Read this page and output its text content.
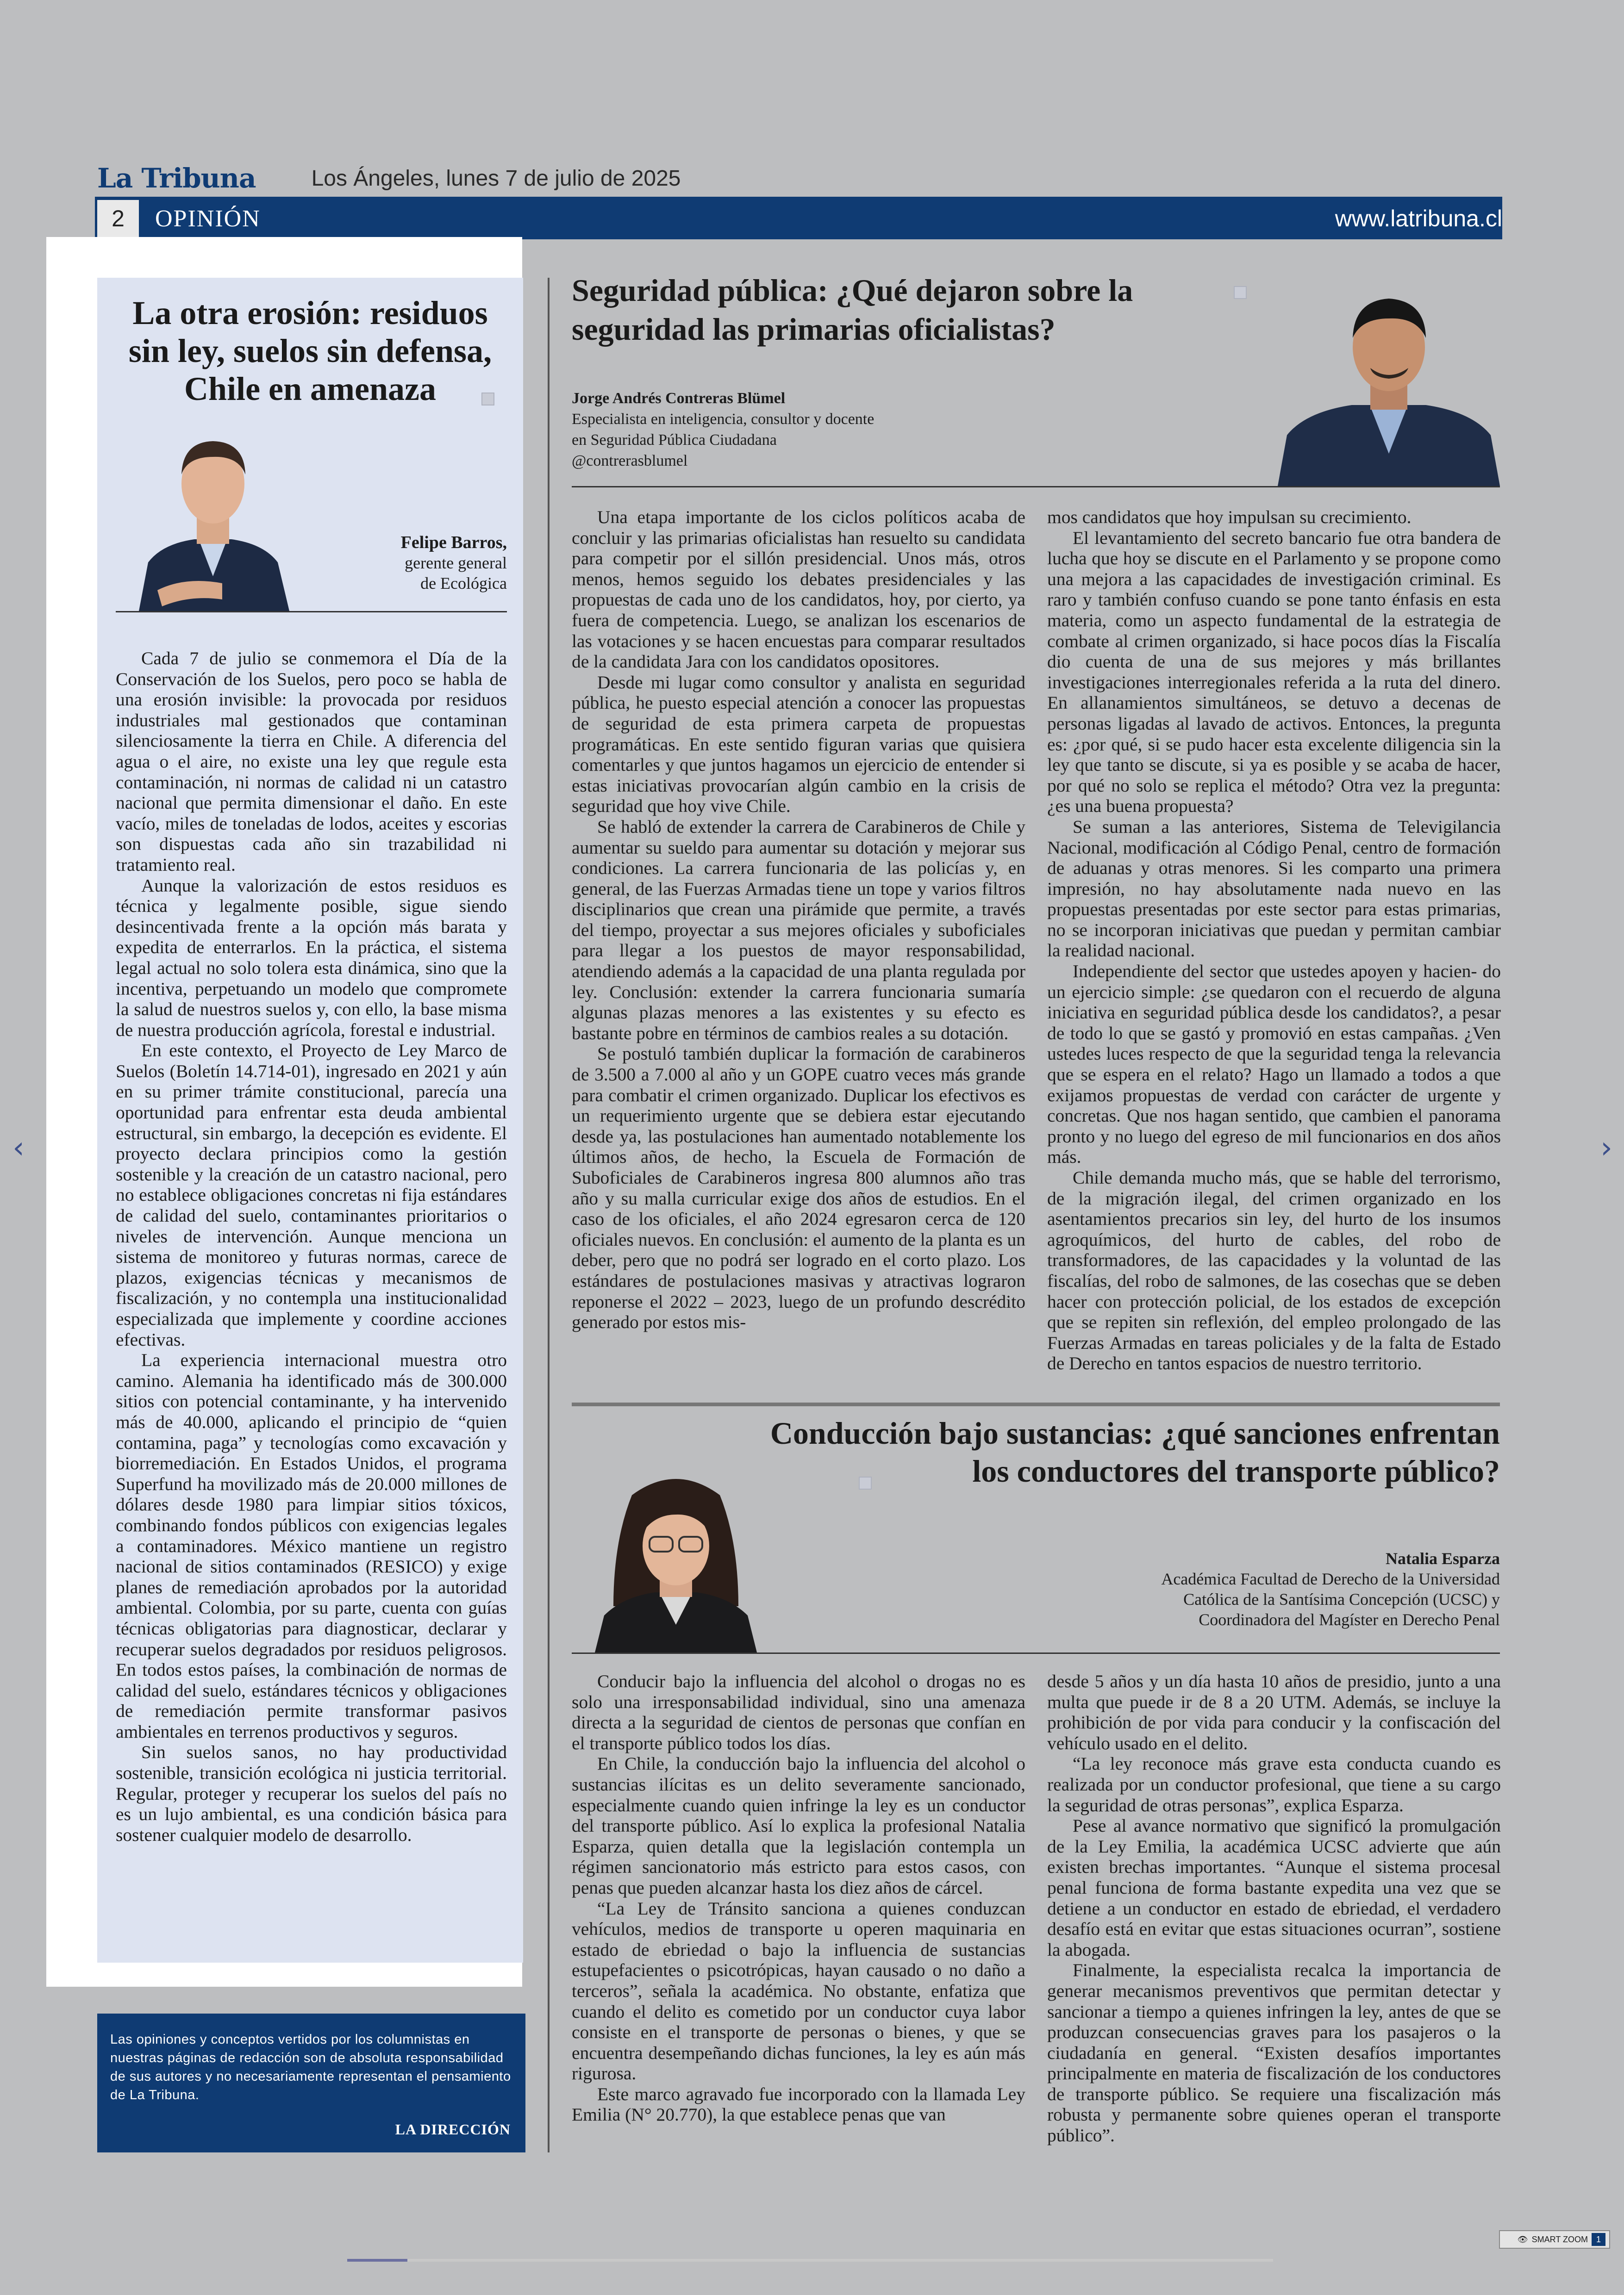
La Tribuna	Los Ángeles, lunes 7 de julio de 2025
2	OPINIÓN	www.latribuna.cl
La otra erosión: residuos sin ley, suelos sin defensa, Chile en amenaza
Felipe Barros,
gerente general
de Ecológica

Cada 7 de julio se conmemora el Día de la Conservación de los Suelos, pero poco se habla de una erosión invisible: la provocada por residuos industriales mal gestionados que contaminan silenciosamente la tierra en Chile. A diferencia del agua o el aire, no existe una ley que regule esta contaminación, ni normas de calidad ni un catastro nacional que permita dimensionar el daño. En este vacío, miles de toneladas de lodos, aceites y escorias son dispuestas cada año sin trazabilidad ni tratamiento real.

Aunque la valorización de estos residuos es técnica y legalmente posible, sigue siendo desincentivada frente a la opción más barata y expedita de enterrarlos. En la práctica, el sistema legal actual no solo tolera esta dinámica, sino que la incentiva, perpetuando un modelo que compromete la salud de nuestros suelos y, con ello, la base misma de nuestra producción agrícola, forestal e industrial.

En este contexto, el Proyecto de Ley Marco de Suelos (Boletín 14.714-01), ingresado en 2021 y aún en su primer trámite constitucional, parecía una oportunidad para enfrentar esta deuda ambiental estructural, sin embargo, la decepción es evidente. El proyecto declara principios como la gestión sostenible y la creación de un catastro nacional, pero no establece obligaciones concretas ni fija estándares de calidad del suelo, contaminantes prioritarios o niveles de intervención. Aunque menciona un sistema de monitoreo y futuras normas, carece de plazos, exigencias técnicas y mecanismos de fiscalización, y no contempla una institucionalidad especializada que implemente y coordine acciones efectivas.

La experiencia internacional muestra otro camino. Alemania ha identificado más de 300.000 sitios con potencial contaminante, y ha intervenido más de 40.000, aplicando el principio de “quien contamina, paga” y tecnologías como excavación y biorremediación. En Estados Unidos, el programa Superfund ha movilizado más de 20.000 millones de dólares desde 1980 para limpiar sitios tóxicos, combinando fondos públicos con exigencias legales a contaminadores. México mantiene un registro nacional de sitios contaminados (RESICO) y exige planes de remediación aprobados por la autoridad ambiental. Colombia, por su parte, cuenta con guías técnicas obligatorias para diagnosticar, declarar y recuperar suelos degradados por residuos peligrosos. En todos estos países, la combinación de normas de calidad del suelo, estándares técnicos y obligaciones de remediación permite transformar pasivos ambientales en terrenos productivos y seguros.

Sin suelos sanos, no hay productividad sostenible, transición ecológica ni justicia territorial. Regular, proteger y recuperar los suelos del país no es un lujo ambiental, es una condición básica para sostener cualquier modelo de desarrollo.

Las opiniones y conceptos vertidos por los columnistas en nuestras páginas de redacción son de absoluta responsabilidad de sus autores y no necesariamente representan el pensamiento de La Tribuna.
LA DIRECCIÓN
Seguridad pública: ¿Qué dejaron sobre la
seguridad las primarias oficialistas?
Jorge Andrés Contreras Blümel
Especialista en inteligencia, consultor y docente
en Seguridad Pública Ciudadana
@contrerasblumel

Una etapa importante de los ciclos políticos acaba de concluir y las primarias oficialistas han resuelto su candidata para competir por el sillón presidencial. Unos más, otros menos, hemos seguido los debates presidenciales y las propuestas de cada uno de los candidatos, hoy, por cierto, ya fuera de competencia. Luego, se analizan los escenarios de las votaciones y se hacen encuestas para comparar resultados de la candidata Jara con los candidatos opositores.

Desde mi lugar como consultor y analista en seguridad pública, he puesto especial atención a conocer las propuestas de seguridad de esta primera carpeta de propuestas programáticas. En este sentido figuran varias que quisiera comentarles y que juntos hagamos un ejercicio de entender si estas iniciativas provocarían algún cambio en la crisis de seguridad que hoy vive Chile.

Se habló de extender la carrera de Carabineros de Chile y aumentar su sueldo para aumentar su dotación y mejorar sus condiciones. La carrera funcionaria de las policías y, en general, de las Fuerzas Armadas tiene un tope y varios filtros disciplinarios que crean una pirámide que permite, a través del tiempo, proyectar a sus mejores oficiales y suboficiales para llegar a los puestos de mayor responsabilidad, atendiendo además a la capacidad de una planta regulada por ley. Conclusión: extender la carrera funcionaria sumaría algunas plazas menores a las existentes y su efecto es bastante pobre en términos de cambios reales a su dotación.

Se postuló también duplicar la formación de carabineros de 3.500 a 7.000 al año y un GOPE cuatro veces más grande para combatir el crimen organizado. Duplicar los efectivos es un requerimiento urgente que se debiera estar ejecutando desde ya, las postulaciones han aumentado notablemente los últimos años, de hecho, la Escuela de Formación de Suboficiales de Carabineros ingresa 800 alumnos año tras año y su malla curricular exige dos años de estudios. En el caso de los oficiales, el año 2024 egresaron cerca de 120 oficiales nuevos. En conclusión: el aumento de la planta es un deber, pero que no podrá ser logrado en el corto plazo. Los estándares de postulaciones masivas y atractivas lograron reponerse el 2022 – 2023, luego de un profundo descrédito generado por estos mis-

mos candidatos que hoy impulsan su crecimiento.

El levantamiento del secreto bancario fue otra bandera de lucha que hoy se discute en el Parlamento y se propone como una mejora a las capacidades de investigación criminal. Es raro y también confuso cuando se pone tanto énfasis en esta materia, como un aspecto fundamental de la estrategia de combate al crimen organizado, si hace pocos días la Fiscalía dio cuenta de una de sus mejores y más brillantes investigaciones interregionales referida a la ruta del dinero. En allanamientos simultáneos, se detuvo a decenas de personas ligadas al lavado de activos. Entonces, la pregunta es: ¿por qué, si se pudo hacer esta excelente diligencia sin la ley que tanto se discute, si ya es posible y se acaba de hacer, por qué no solo se replica el método? Otra vez la pregunta: ¿es una buena propuesta?

Se suman a las anteriores, Sistema de Televigilancia Nacional, modificación al Código Penal, centro de formación de aduanas y otras menores. Si les comparto una primera impresión, no hay absolutamente nada nuevo en las propuestas presentadas por este sector para estas primarias, no se incorporan iniciativas que puedan y permitan cambiar la realidad nacional.

Independiente del sector que ustedes apoyen y hacien- do un ejercicio simple: ¿se quedaron con el recuerdo de alguna iniciativa en seguridad pública desde los candidatos?, a pesar de todo lo que se gastó y promovió en estas campañas. ¿Ven ustedes luces respecto de que la seguridad tenga la relevancia que se espera en el relato? Hago un llamado a todos a que exijamos propuestas de verdad con carácter de urgente y concretas. Que nos hagan sentido, que cambien el panorama pronto y no luego del egreso de mil funcionarios en dos años más.

Chile demanda mucho más, que se hable del terrorismo, de la migración ilegal, del crimen organizado en los asentamientos precarios sin ley, del hurto de los insumos agroquímicos, del hurto de cables, del robo de transformadores, de las capacidades y la voluntad de las fiscalías, del robo de salmones, de las cosechas que se deben hacer con protección policial, de los estados de excepción que se repiten sin reflexión, del empleo prolongado de las Fuerzas Armadas en tareas policiales y de la falta de Estado de Derecho en tantos espacios de nuestro territorio.

Conducción bajo sustancias: ¿qué sanciones enfrentan
los conductores del transporte público?
Natalia Esparza
Académica Facultad de Derecho de la Universidad
Católica de la Santísima Concepción (UCSC) y
Coordinadora del Magíster en Derecho Penal

Conducir bajo la influencia del alcohol o drogas no es solo una irresponsabilidad individual, sino una amenaza directa a la seguridad de cientos de personas que confían en el transporte público todos los días.

En Chile, la conducción bajo la influencia del alcohol o sustancias ilícitas es un delito severamente sancionado, especialmente cuando quien infringe la ley es un conductor del transporte público. Así lo explica la profesional Natalia Esparza, quien detalla que la legislación contempla un régimen sancionatorio más estricto para estos casos, con penas que pueden alcanzar hasta los diez años de cárcel.

“La Ley de Tránsito sanciona a quienes conduzcan vehículos, medios de transporte u operen maquinaria en estado de ebriedad o bajo la influencia de sustancias estupefacientes o psicotrópicas, hayan causado o no daño a terceros”, señala la académica. No obstante, enfatiza que cuando el delito es cometido por un conductor cuya labor consiste en el transporte de personas o bienes, y que se encuentra desempeñando dichas funciones, la ley es aún más rigurosa.

Este marco agravado fue incorporado con la llamada Ley Emilia (N° 20.770), la que establece penas que van

desde 5 años y un día hasta 10 años de presidio, junto a una multa que puede ir de 8 a 20 UTM. Además, se incluye la prohibición de por vida para conducir y la confiscación del vehículo usado en el delito.

“La ley reconoce más grave esta conducta cuando es realizada por un conductor profesional, que tiene a su cargo la seguridad de otras personas”, explica Esparza.

Pese al avance normativo que significó la promulgación de la Ley Emilia, la académica UCSC advierte que aún existen brechas importantes. “Aunque el sistema procesal penal funciona de forma bastante expedita una vez que se detiene a un conductor en estado de ebriedad, el verdadero desafío está en evitar que estas situaciones ocurran”, sostiene la abogada.

Finalmente, la especialista recalca la importancia de generar mecanismos preventivos que permitan detectar y sancionar a tiempo a quienes infringen la ley, antes de que se produzcan consecuencias graves para los pasajeros o la ciudadanía en general. “Existen desafíos importantes principalmente en materia de fiscalización de los conductores de transporte público. Se requiere una fiscalización más robusta y permanente sobre quienes operan el transporte público”.

‹	›
👁 SMART ZOOM 1
